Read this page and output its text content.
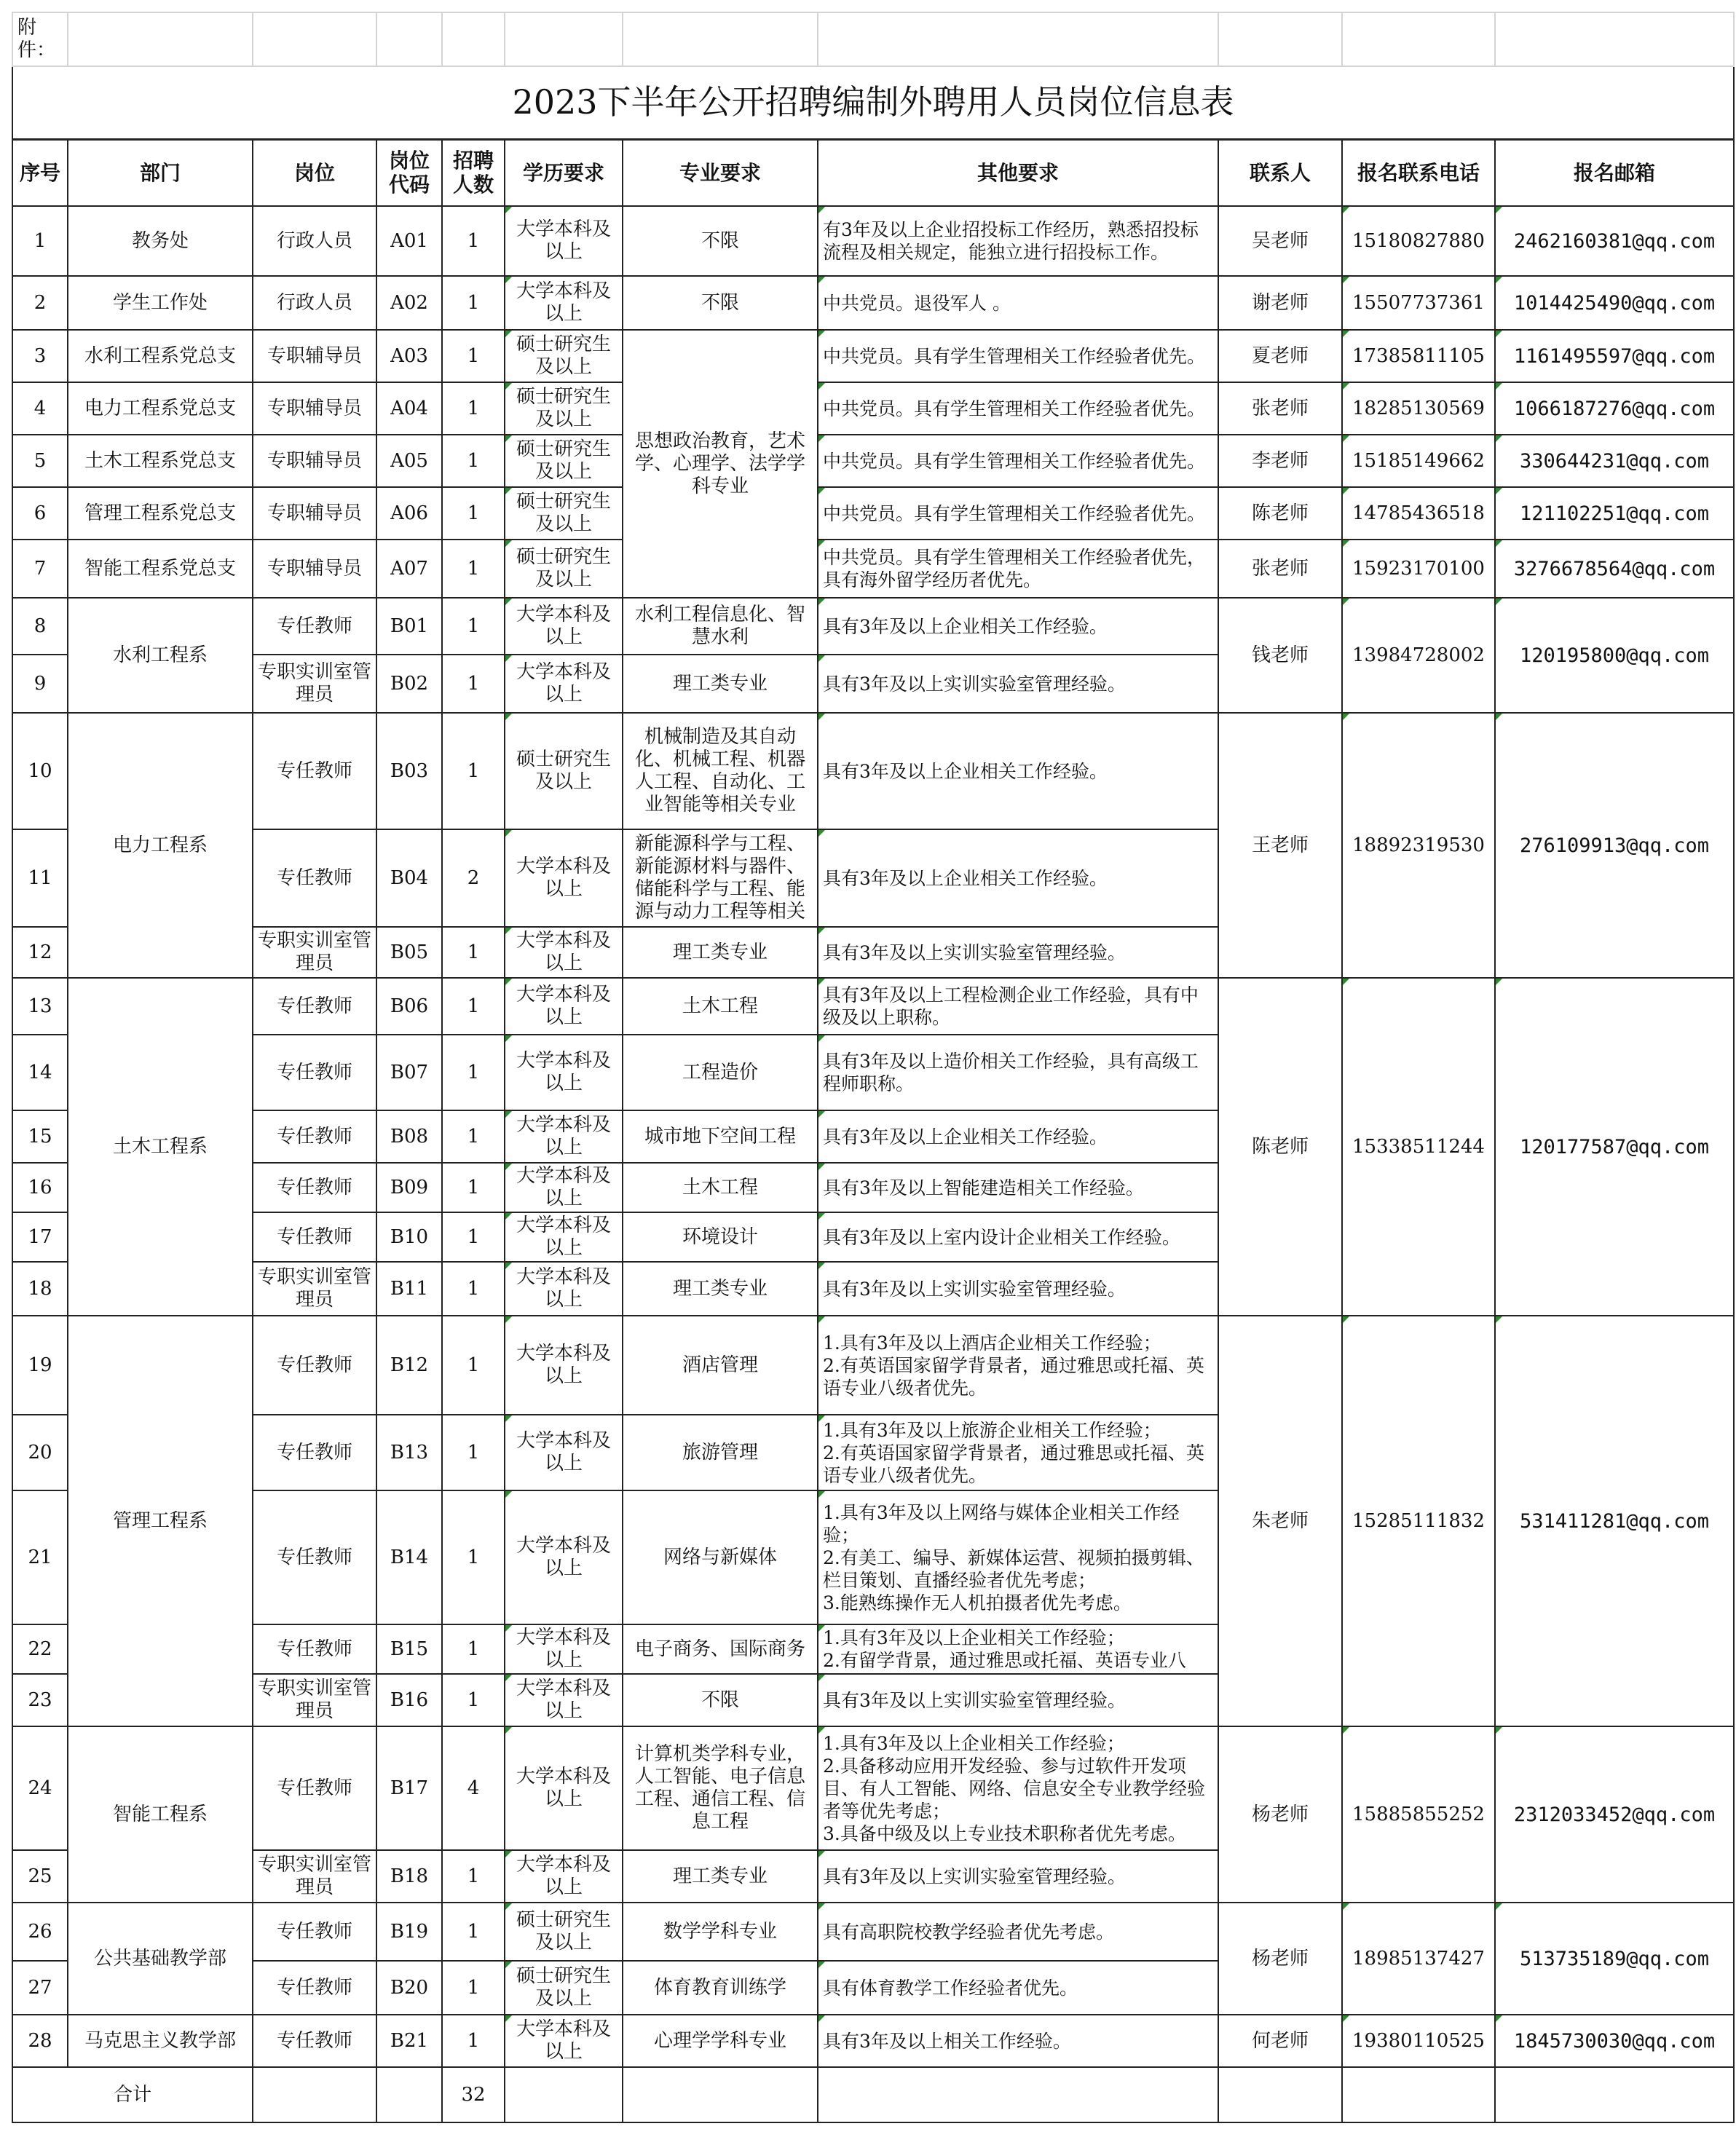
附件：										
2023下半年公开招聘编制外聘用人员岗位信息表										
序号	部门	岗位	岗位代码	招聘人数	学历要求	专业要求	其他要求	联系人	报名联系电话	报名邮箱
1	教务处	行政人员	A01	1	大学本科及以上	不限	有3年及以上企业招投标工作经历，熟悉招投标流程及相关规定，能独立进行招投标工作。	吴老师	15180827880	2462160381@qq.com
2	学生工作处	行政人员	A02	1	大学本科及以上	不限	中共党员。退役军人 。	谢老师	15507737361	1014425490@qq.com
3	水利工程系党总支	专职辅导员	A03	1	硕士研究生及以上	思想政治教育，艺术学、心理学、法学学科专业	中共党员。具有学生管理相关工作经验者优先。	夏老师	17385811105	1161495597@qq.com
4	电力工程系党总支	专职辅导员	A04	1	硕士研究生及以上		中共党员。具有学生管理相关工作经验者优先。	张老师	18285130569	1066187276@qq.com
5	土木工程系党总支	专职辅导员	A05	1	硕士研究生及以上		中共党员。具有学生管理相关工作经验者优先。	李老师	15185149662	330644231@qq.com
6	管理工程系党总支	专职辅导员	A06	1	硕士研究生及以上		中共党员。具有学生管理相关工作经验者优先。	陈老师	14785436518	121102251@qq.com
7	智能工程系党总支	专职辅导员	A07	1	硕士研究生及以上		中共党员。具有学生管理相关工作经验者优先，具有海外留学经历者优先。	张老师	15923170100	3276678564@qq.com
8	水利工程系	专任教师	B01	1	大学本科及以上	水利工程信息化、智慧水利	具有3年及以上企业相关工作经验。	钱老师	13984728002	120195800@qq.com
9		专职实训室管理员	B02	1	大学本科及以上	理工类专业	具有3年及以上实训实验室管理经验。			
10	电力工程系	专任教师	B03	1	硕士研究生及以上	机械制造及其自动化、机械工程、机器人工程、自动化、工业智能等相关专业	具有3年及以上企业相关工作经验。	王老师	18892319530	276109913@qq.com
11		专任教师	B04	2	大学本科及以上	新能源科学与工程、新能源材料与器件、储能科学与工程、能源与动力工程等相关	具有3年及以上企业相关工作经验。			
12		专职实训室管理员	B05	1	大学本科及以上	理工类专业	具有3年及以上实训实验室管理经验。			
13	土木工程系	专任教师	B06	1	大学本科及以上	土木工程	具有3年及以上工程检测企业工作经验，具有中级及以上职称。	陈老师	15338511244	120177587@qq.com
14		专任教师	B07	1	大学本科及以上	工程造价	具有3年及以上造价相关工作经验，具有高级工程师职称。			
15		专任教师	B08	1	大学本科及以上	城市地下空间工程	具有3年及以上企业相关工作经验。			
16		专任教师	B09	1	大学本科及以上	土木工程	具有3年及以上智能建造相关工作经验。			
17		专任教师	B10	1	大学本科及以上	环境设计	具有3年及以上室内设计企业相关工作经验。			
18		专职实训室管理员	B11	1	大学本科及以上	理工类专业	具有3年及以上实训实验室管理经验。			
19	管理工程系	专任教师	B12	1	大学本科及以上	酒店管理	1.具有3年及以上酒店企业相关工作经验；
2.有英语国家留学背景者，通过雅思或托福、英语专业八级者优先。	朱老师	15285111832	531411281@qq.com
20		专任教师	B13	1	大学本科及以上	旅游管理	1.具有3年及以上旅游企业相关工作经验；
2.有英语国家留学背景者，通过雅思或托福、英语专业八级者优先。			
21		专任教师	B14	1	大学本科及以上	网络与新媒体	1.具有3年及以上网络与媒体企业相关工作经验；
2.有美工、编导、新媒体运营、视频拍摄剪辑、栏目策划、直播经验者优先考虑；
3.能熟练操作无人机拍摄者优先考虑。			
22		专任教师	B15	1	大学本科及以上	电子商务、国际商务	1.具有3年及以上企业相关工作经验；
2.有留学背景，通过雅思或托福、英语专业八			
23		专职实训室管理员	B16	1	大学本科及以上	不限	具有3年及以上实训实验室管理经验。			
24	智能工程系	专任教师	B17	4	大学本科及以上	计算机类学科专业，人工智能、电子信息工程、通信工程、信息工程	1.具有3年及以上企业相关工作经验；
2.具备移动应用开发经验、参与过软件开发项目、有人工智能、网络、信息安全专业教学经验者等优先考虑；
3.具备中级及以上专业技术职称者优先考虑。	杨老师	15885855252	2312033452@qq.com
25		专职实训室管理员	B18	1	大学本科及以上	理工类专业	具有3年及以上实训实验室管理经验。			
26	公共基础教学部	专任教师	B19	1	硕士研究生及以上	数学学科专业	具有高职院校教学经验者优先考虑。	杨老师	18985137427	513735189@qq.com
27		专任教师	B20	1	硕士研究生及以上	体育教育训练学	具有体育教学工作经验者优先。			
28	马克思主义教学部	专任教师	B21	1	大学本科及以上	心理学学科专业	具有3年及以上相关工作经验。	何老师	19380110525	1845730030@qq.com
合计				32						
